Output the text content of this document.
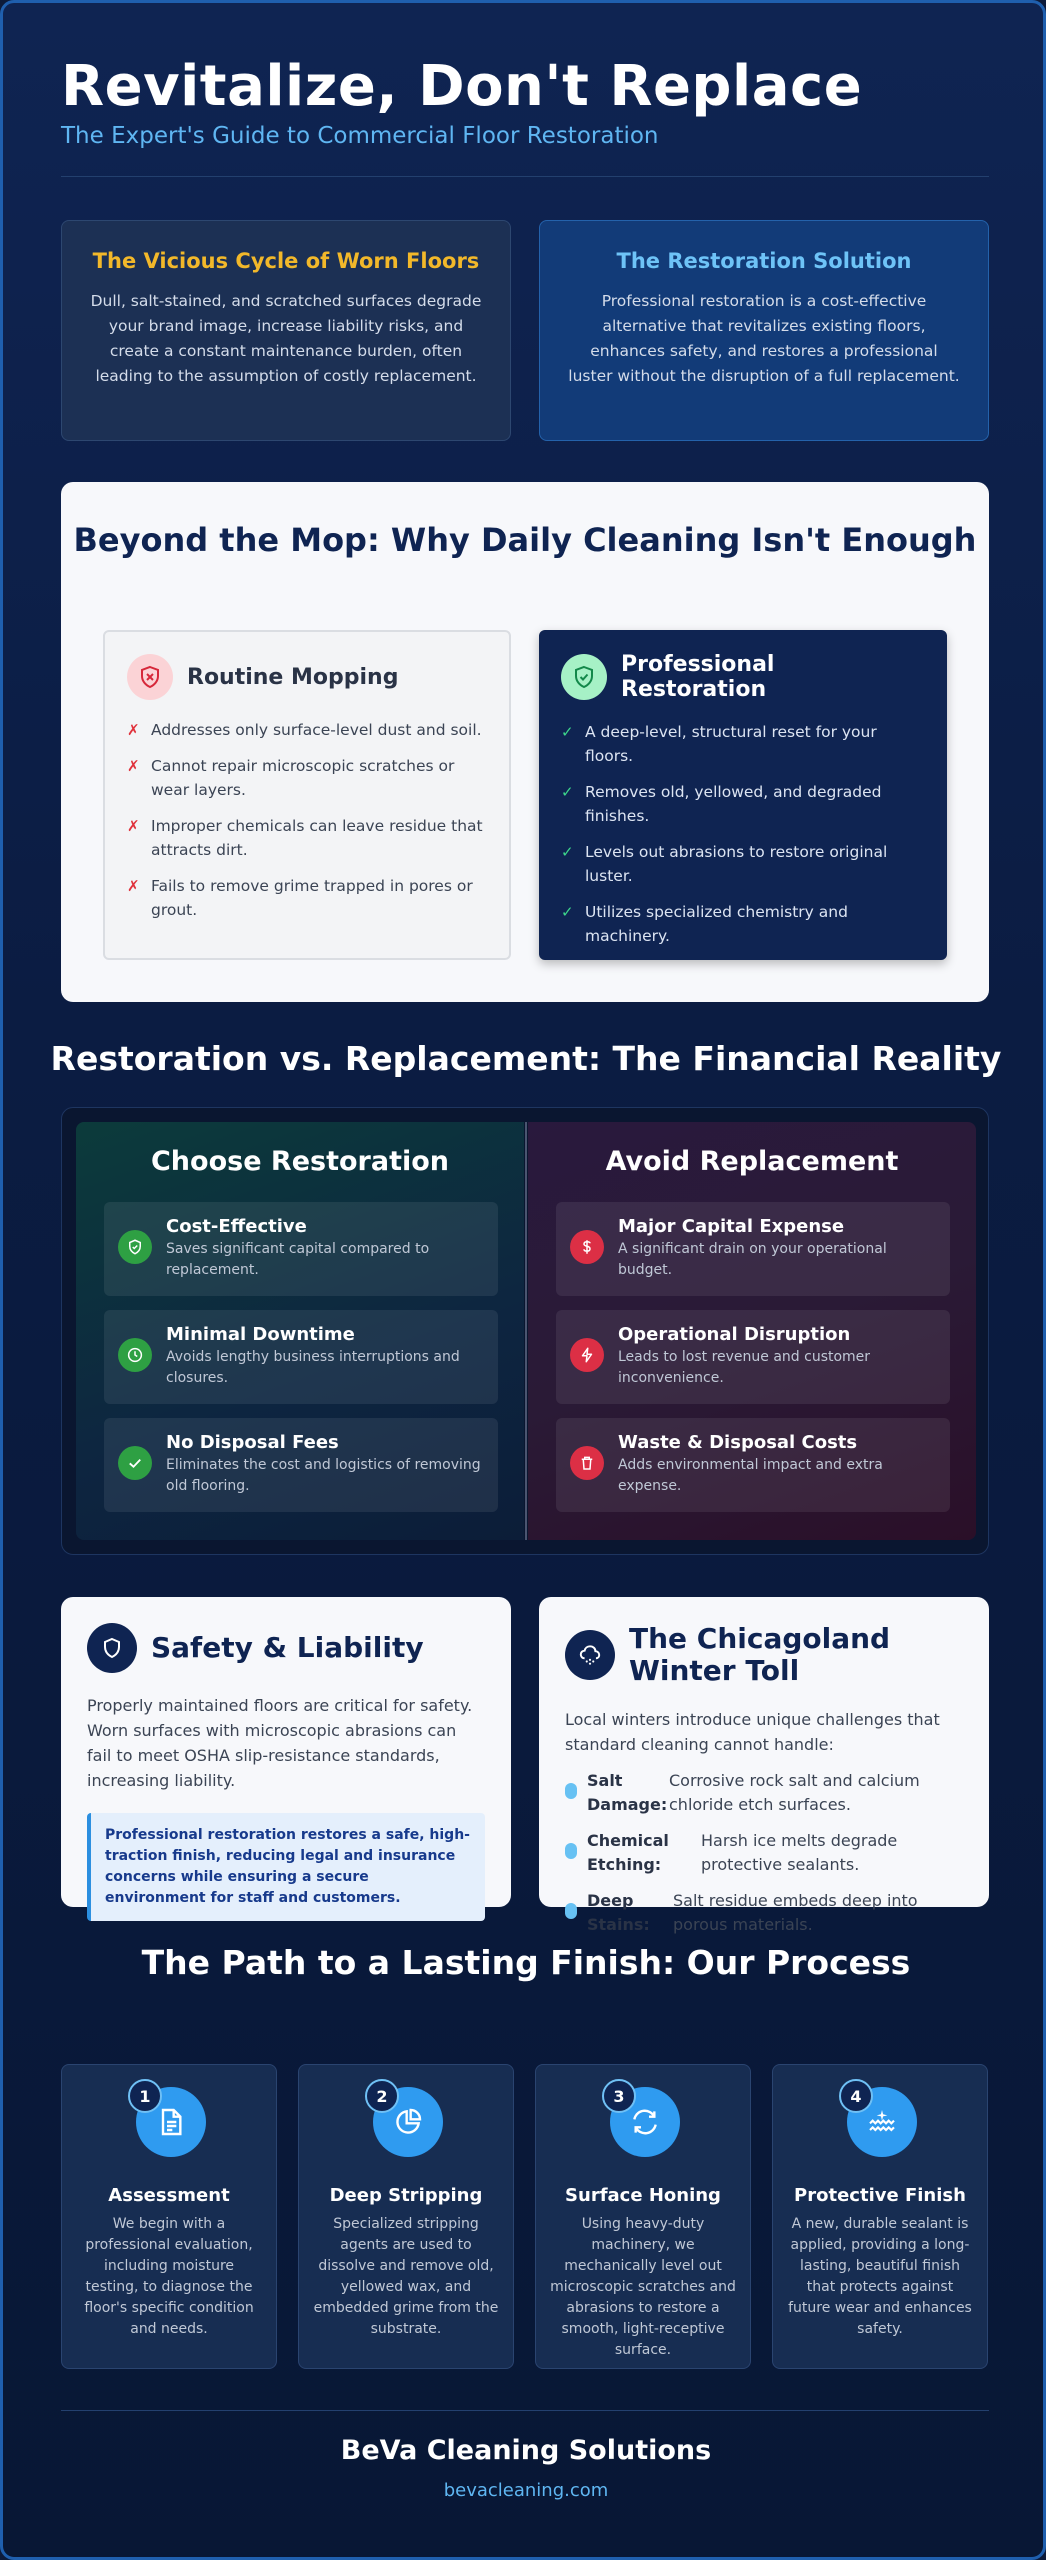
Revitalize, Don't Replace
The Expert's Guide to Commercial Floor Restoration
The Vicious Cycle of Worn Floors

Dull, salt-stained, and scratched surfaces degrade your brand image, increase liability risks, and create a constant maintenance burden, often leading to the assumption of costly replacement.

The Restoration Solution

Professional restoration is a cost-effective alternative that revitalizes existing floors, enhances safety, and restores a professional luster without the disruption of a full replacement.

Beyond the Mop: Why Daily Cleaning Isn't Enough
Routine Mopping
✗ Addresses only surface-level dust and soil.
✗ Cannot repair microscopic scratches or wear layers.
✗ Improper chemicals can leave residue that attracts dirt.
✗ Fails to remove grime trapped in pores or grout.
Professional Restoration
✓ A deep-level, structural reset for your floors.
✓ Removes old, yellowed, and degraded finishes.
✓ Levels out abrasions to restore original luster.
✓ Utilizes specialized chemistry and machinery.
Restoration vs. Replacement: The Financial Reality
Choose Restoration
Cost-Effective
Saves significant capital compared to replacement.
Minimal Downtime
Avoids lengthy business interruptions and closures.
No Disposal Fees
Eliminates the cost and logistics of removing old flooring.
Avoid Replacement
Major Capital Expense
A significant drain on your operational budget.
Operational Disruption
Leads to lost revenue and customer inconvenience.
Waste & Disposal Costs
Adds environmental impact and extra expense.
Safety & Liability

Properly maintained floors are critical for safety. Worn surfaces with microscopic abrasions can fail to meet OSHA slip-resistance standards, increasing liability.

Professional restoration restores a safe, high-traction finish, reducing legal and insurance concerns while ensuring a secure environment for staff and customers.
The Chicagoland Winter Toll

Local winters introduce unique challenges that standard cleaning cannot handle:

Salt Damage:
Corrosive rock salt and calcium chloride etch surfaces.
Chemical Etching:
Harsh ice melts degrade protective sealants.
Deep Stains:
Salt residue embeds deep into porous materials.
The Path to a Lasting Finish: Our Process
1
Assessment
We begin with a professional evaluation, including moisture testing, to diagnose the floor's specific condition and needs.
2
Deep Stripping
Specialized stripping agents are used to dissolve and remove old, yellowed wax, and embedded grime from the substrate.
3
Surface Honing
Using heavy-duty machinery, we mechanically level out microscopic scratches and abrasions to restore a smooth, light-receptive surface.
4
Protective Finish
A new, durable sealant is applied, providing a long-lasting, beautiful finish that protects against future wear and enhances safety.
BeVa Cleaning Solutions
bevacleaning.com
